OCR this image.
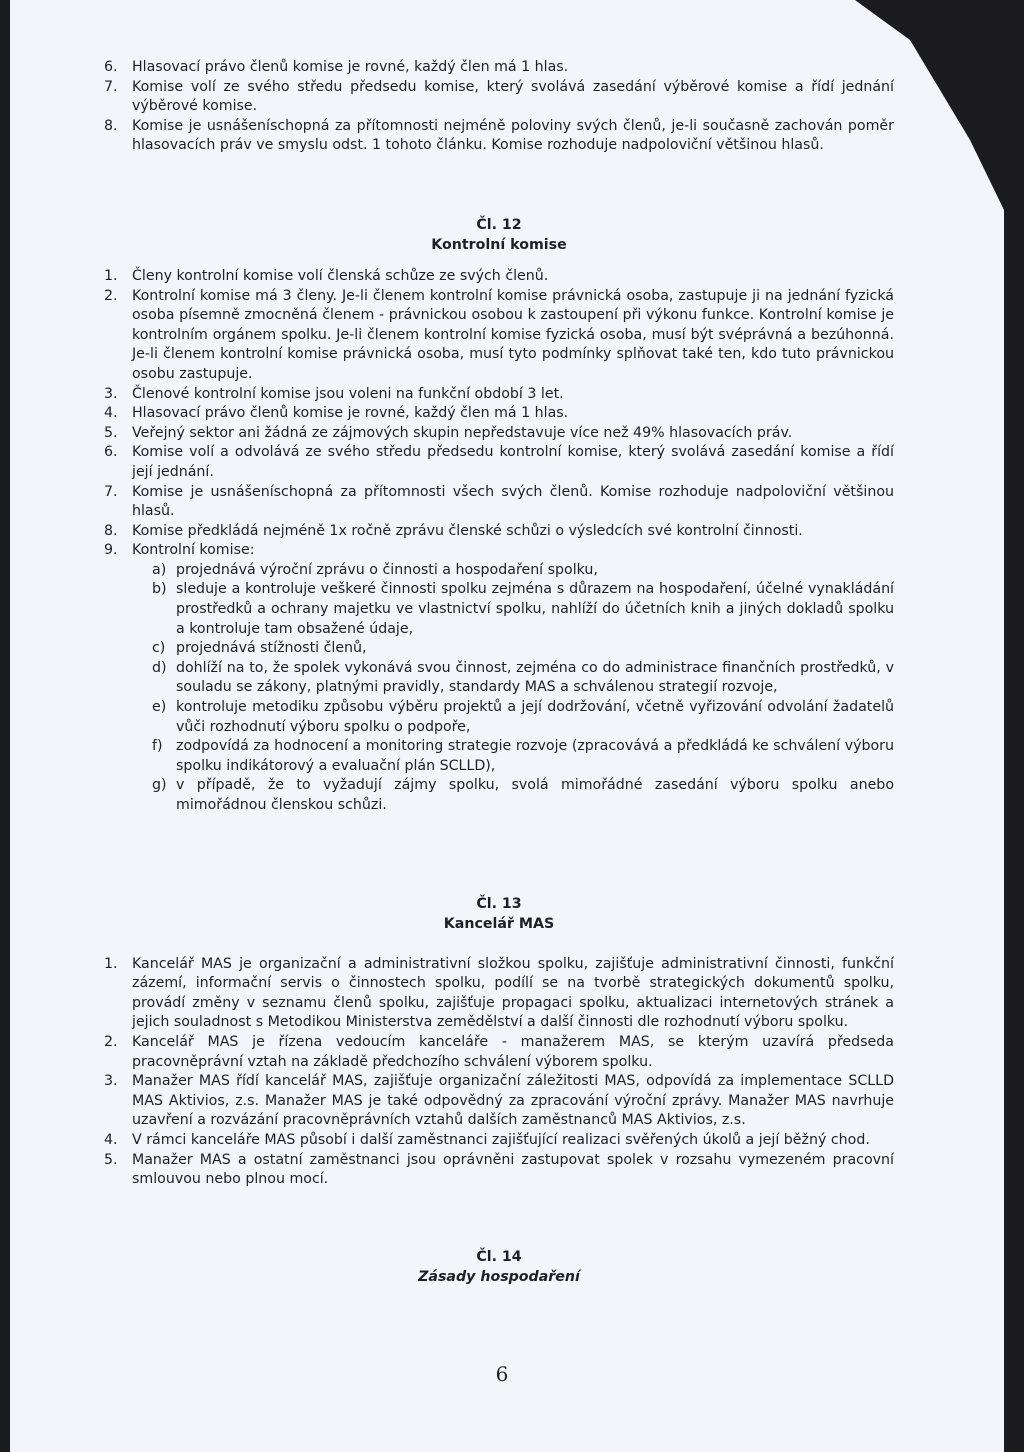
6.	Hlasovací právo členů komise je rovné, každý člen má 1 hlas.
7.	Komise volí ze svého středu předsedu komise, který svolává zasedání výběrové komise a řídí jednání výběrové komise.
8.	Komise je usnášeníschopná za přítomnosti nejméně poloviny svých členů, je-li současně zachován poměr hlasovacích práv ve smyslu odst. 1 tohoto článku. Komise rozhoduje nadpoloviční většinou hlasů.
Čl. 12
Kontrolní komise
1.	Členy kontrolní komise volí členská schůze ze svých členů.
2.	Kontrolní komise má 3 členy. Je-li členem kontrolní komise právnická osoba, zastupuje ji na jednání fyzická osoba písemně zmocněná členem - právnickou osobou k zastoupení při výkonu funkce. Kontrolní komise je kontrolním orgánem spolku. Je-li členem kontrolní komise fyzická osoba, musí být svéprávná a bezúhonná. Je-li členem kontrolní komise právnická osoba, musí tyto podmínky splňovat také ten, kdo tuto právnickou osobu zastupuje.
3.	Členové kontrolní komise jsou voleni na funkční období 3 let.
4.	Hlasovací právo členů komise je rovné, každý člen má 1 hlas.
5.	Veřejný sektor ani žádná ze zájmových skupin nepředstavuje více než 49% hlasovacích práv.
6.	Komise volí a odvolává ze svého středu předsedu kontrolní komise, který svolává zasedání komise a řídí její jednání.
7.	Komise je usnášeníschopná za přítomnosti všech svých členů. Komise rozhoduje nadpoloviční většinou hlasů.
8.	Komise předkládá nejméně 1x ročně zprávu členské schůzi o výsledcích své kontrolní činnosti.
9.	Kontrolní komise:
a) projednává výroční zprávu o činnosti a hospodaření spolku,
b) sleduje a kontroluje veškeré činnosti spolku zejména s důrazem na hospodaření, účelné vynakládání prostředků a ochrany majetku ve vlastnictví spolku, nahlíží do účetních knih a jiných dokladů spolku a kontroluje tam obsažené údaje,
c) projednává stížnosti členů,
d) dohlíží na to, že spolek vykonává svou činnost, zejména co do administrace finančních prostředků, v souladu se zákony, platnými pravidly, standardy MAS a schválenou strategií rozvoje,
e) kontroluje metodiku způsobu výběru projektů a její dodržování, včetně vyřizování odvolání žadatelů vůči rozhodnutí výboru spolku o podpoře,
f) zodpovídá za hodnocení a monitoring strategie rozvoje (zpracovává a předkládá ke schválení výboru spolku indikátorový a evaluační plán SCLLD),
g) v případě, že to vyžadují zájmy spolku, svolá mimořádné zasedání výboru spolku anebo mimořádnou členskou schůzi.
Čl. 13
Kancelář MAS
1.	Kancelář MAS je organizační a administrativní složkou spolku, zajišťuje administrativní činnosti, funkční zázemí, informační servis o činnostech spolku, podílí se na tvorbě strategických dokumentů spolku, provádí změny v seznamu členů spolku, zajišťuje propagaci spolku, aktualizaci internetových stránek a jejich souladnost s Metodikou Ministerstva zemědělství a další činnosti dle rozhodnutí výboru spolku.
2.	Kancelář MAS je řízena vedoucím kanceláře - manažerem MAS, se kterým uzavírá předseda pracovněprávní vztah na základě předchozího schválení výborem spolku.
3.	Manažer MAS řídí kancelář MAS, zajišťuje organizační záležitosti MAS, odpovídá za implementace SCLLD MAS Aktivios, z.s. Manažer MAS je také odpovědný za zpracování výroční zprávy. Manažer MAS navrhuje uzavření a rozvázání pracovněprávních vztahů dalších zaměstnanců MAS Aktivios, z.s.
4.	V rámci kanceláře MAS působí i další zaměstnanci zajišťující realizaci svěřených úkolů a její běžný chod.
5.	Manažer MAS a ostatní zaměstnanci jsou oprávněni zastupovat spolek v rozsahu vymezeném pracovní smlouvou nebo plnou mocí.
Čl. 14
Zásady hospodaření
6
